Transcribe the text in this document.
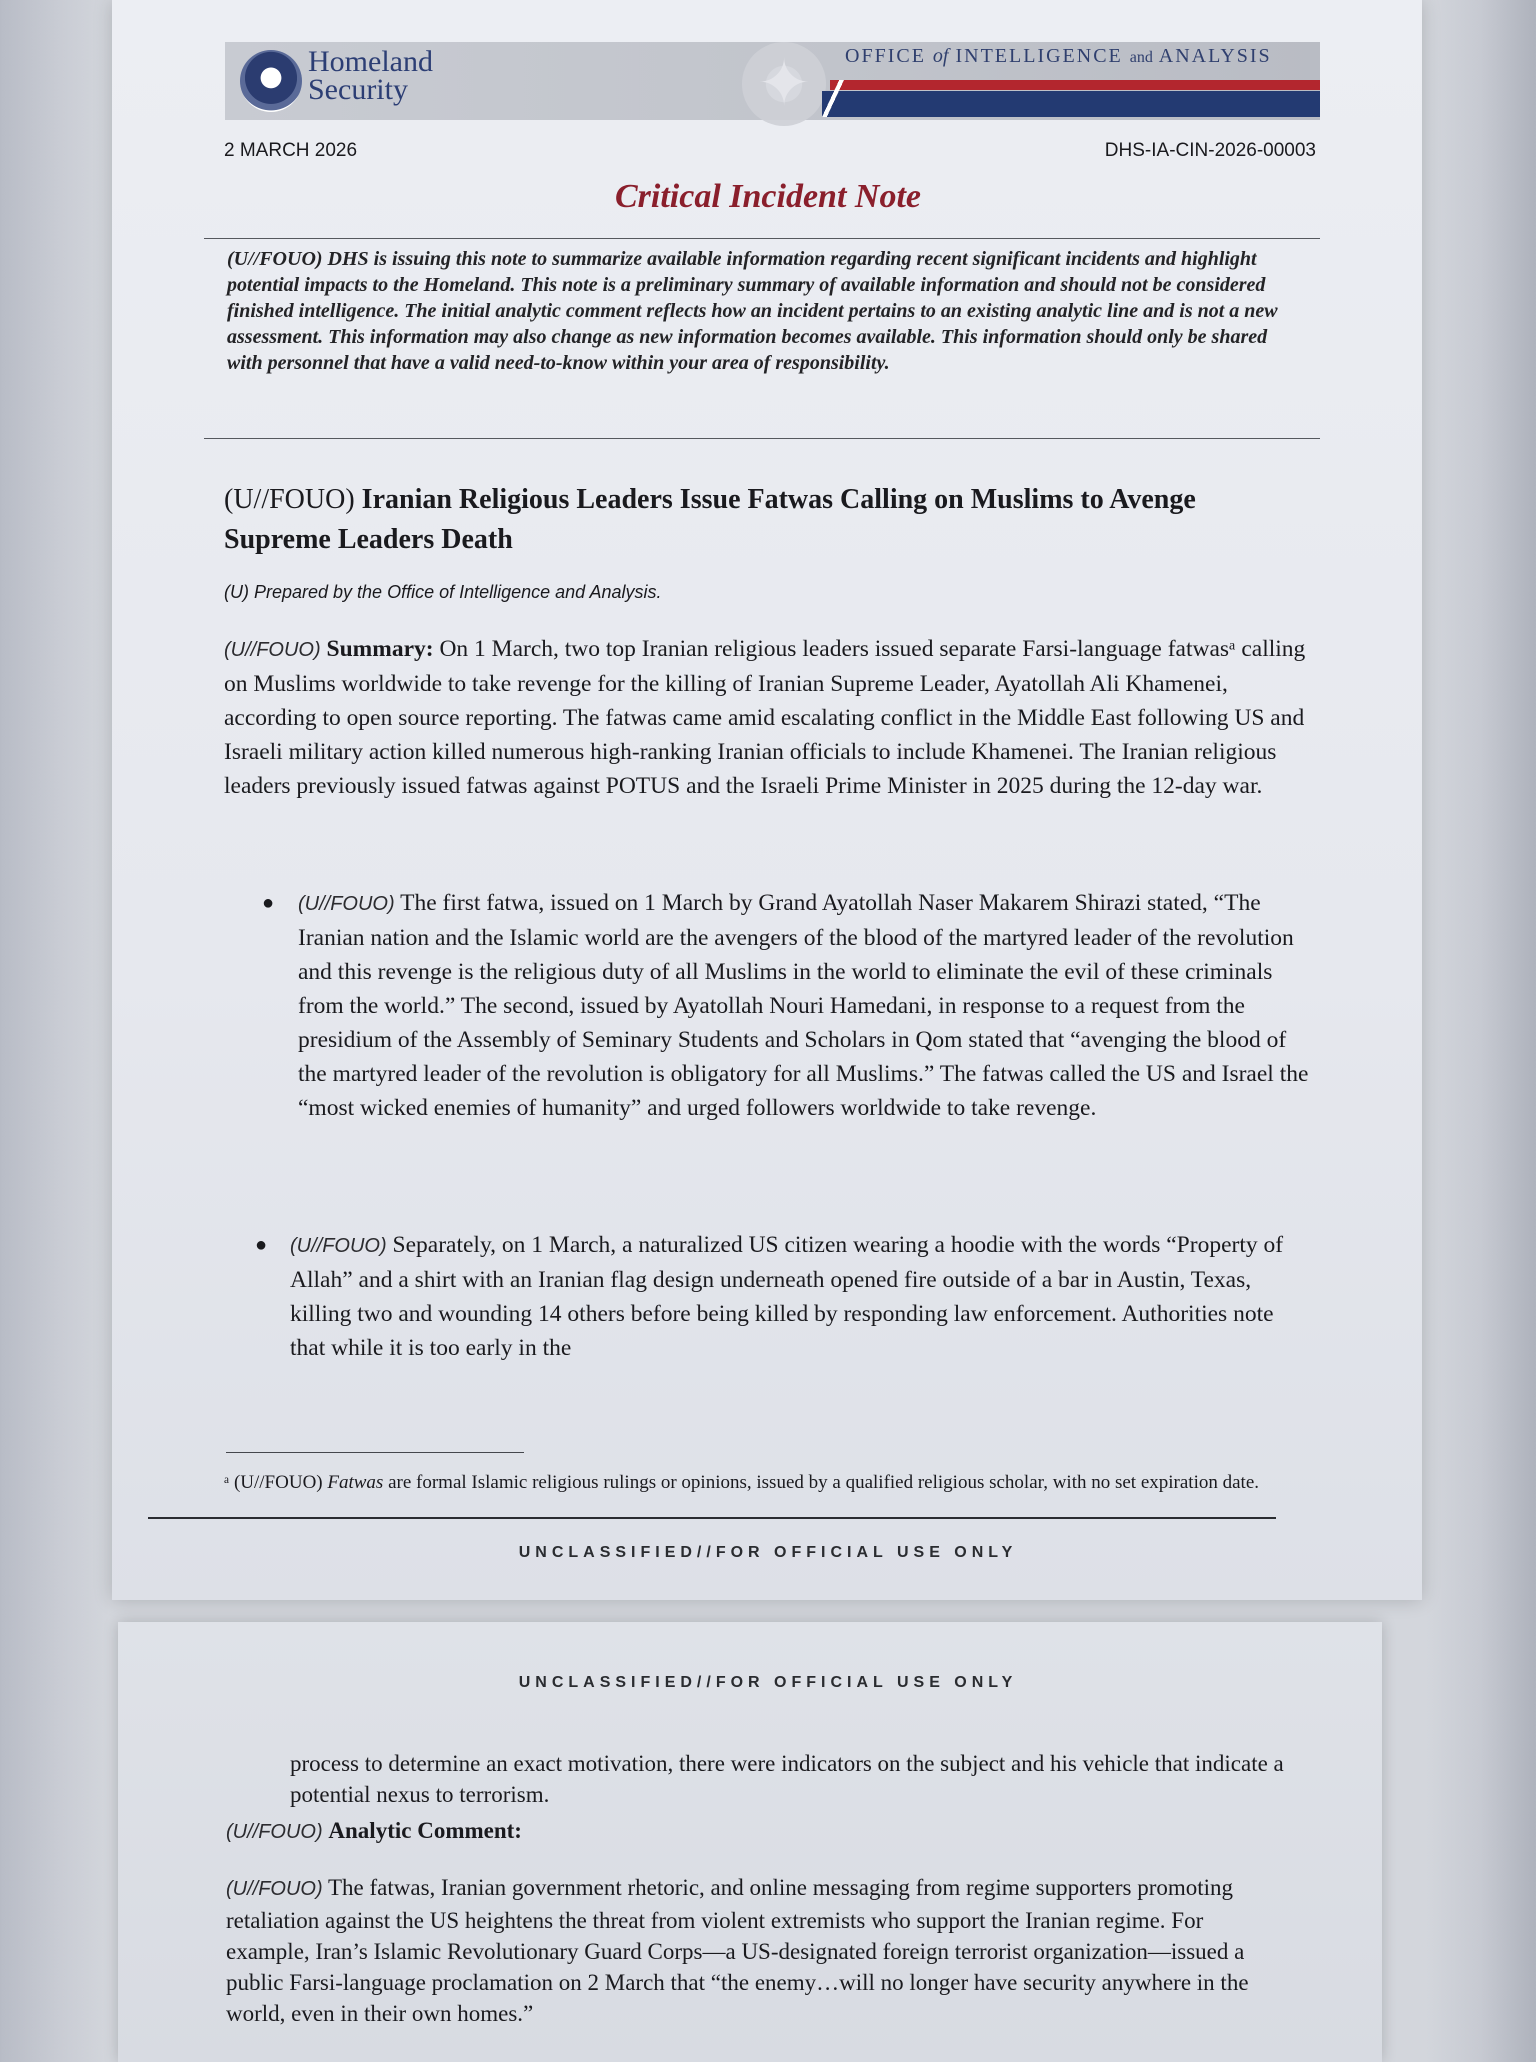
Homeland
Security	✦	OFFICE of INTELLIGENCE and ANALYSIS
2 MARCH 2026	DHS-IA-CIN-2026-00003
Critical Incident Note

(U//FOUO) DHS is issuing this note to summarize available information regarding recent significant incidents and highlight potential impacts to the Homeland. This note is a preliminary summary of available information and should not be considered finished intelligence. The initial analytic comment reflects how an incident pertains to an existing analytic line and is not a new assessment. This information may also change as new information becomes available. This information should only be shared with personnel that have a valid need-to-know within your area of responsibility.

(U//FOUO) Iranian Religious Leaders Issue Fatwas Calling on Muslims to Avenge Supreme Leaders Death
(U) Prepared by the Office of Intelligence and Analysis.

(U//FOUO) Summary: On 1 March, two top Iranian religious leaders issued separate Farsi-language fatwasᵃ calling on Muslims worldwide to take revenge for the killing of Iranian Supreme Leader, Ayatollah Ali Khamenei, according to open source reporting. The fatwas came amid escalating conflict in the Middle East following US and Israeli military action killed numerous high-ranking Iranian officials to include Khamenei. The Iranian religious leaders previously issued fatwas against POTUS and the Israeli Prime Minister in 2025 during the 12-day war.

● (U//FOUO) The first fatwa, issued on 1 March by Grand Ayatollah Naser Makarem Shirazi stated, “The Iranian nation and the Islamic world are the avengers of the blood of the martyred leader of the revolution and this revenge is the religious duty of all Muslims in the world to eliminate the evil of these criminals from the world.” The second, issued by Ayatollah Nouri Hamedani, in response to a request from the presidium of the Assembly of Seminary Students and Scholars in Qom stated that “avenging the blood of the martyred leader of the revolution is obligatory for all Muslims.” The fatwas called the US and Israel the “most wicked enemies of humanity” and urged followers worldwide to take revenge.

● (U//FOUO) Separately, on 1 March, a naturalized US citizen wearing a hoodie with the words “Property of Allah” and a shirt with an Iranian flag design underneath opened fire outside of a bar in Austin, Texas, killing two and wounding 14 others before being killed by responding law enforcement. Authorities note that while it is too early in the

ᵃ (U//FOUO) Fatwas are formal Islamic religious rulings or opinions, issued by a qualified religious scholar, with no set expiration date.

UNCLASSIFIED//FOR OFFICIAL USE ONLY
UNCLASSIFIED//FOR OFFICIAL USE ONLY

process to determine an exact motivation, there were indicators on the subject and his vehicle that indicate a potential nexus to terrorism.

(U//FOUO) Analytic Comment:

(U//FOUO) The fatwas, Iranian government rhetoric, and online messaging from regime supporters promoting retaliation against the US heightens the threat from violent extremists who support the Iranian regime. For example, Iran’s Islamic Revolutionary Guard Corps—a US-designated foreign terrorist organization—issued a public Farsi-language proclamation on 2 March that “the enemy…will no longer have security anywhere in the world, even in their own homes.”
